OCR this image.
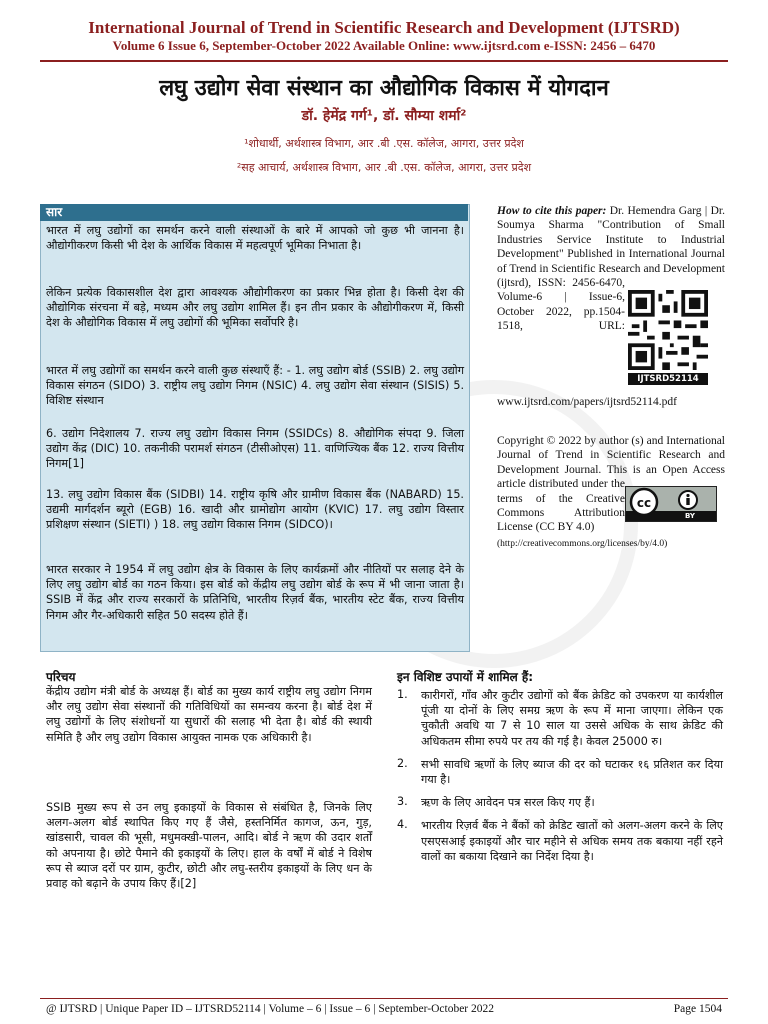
International Journal of Trend in Scientific Research and Development (IJTSRD)
Volume 6 Issue 6, September-October 2022 Available Online: www.ijtsrd.com e-ISSN: 2456 – 6470
लघु उद्योग सेवा संस्थान का औद्योगिक विकास में योगदान
डॉ. हेमेंद्र गर्ग¹, डॉ. सौम्या शर्मा²
¹शोधार्थी, अर्थशास्त्र विभाग, आर .बी .एस. कॉलेज, आगरा, उत्तर प्रदेश
²सह आचार्य, अर्थशास्त्र विभाग, आर .बी .एस. कॉलेज, आगरा, उत्तर प्रदेश
सार
भारत में लघु उद्योगों का समर्थन करने वाली संस्थाओं के बारे में आपको जो कुछ भी जानना है। औद्योगीकरण किसी भी देश के आर्थिक विकास में महत्वपूर्ण भूमिका निभाता है।
लेकिन प्रत्येक विकासशील देश द्वारा आवश्यक औद्योगीकरण का प्रकार भिन्न होता है। किसी देश की औद्योगिक संरचना में बड़े, मध्यम और लघु उद्योग शामिल हैं। इन तीन प्रकार के औद्योगीकरण में, किसी देश के औद्योगिक विकास में लघु उद्योगों की भूमिका सर्वोपरि है।
भारत में लघु उद्योगों का समर्थन करने वाली कुछ संस्थाएँ हैं: - 1. लघु उद्योग बोर्ड (SSIB) 2. लघु उद्योग विकास संगठन (SIDO) 3. राष्ट्रीय लघु उद्योग निगम (NSIC) 4. लघु उद्योग सेवा संस्थान (SISIS) 5. विशिष्ट संस्थान
6. उद्योग निदेशालय 7. राज्य लघु उद्योग विकास निगम (SSIDCs) 8. औद्योगिक संपदा 9. जिला उद्योग केंद्र (DIC) 10. तकनीकी परामर्श संगठन (टीसीओएस) 11. वाणिज्यिक बैंक 12. राज्य वित्तीय निगम[1]
13. लघु उद्योग विकास बैंक (SIDBI) 14. राष्ट्रीय कृषि और ग्रामीण विकास बैंक (NABARD) 15. उद्यमी मार्गदर्शन ब्यूरो (EGB) 16. खादी और ग्रामोद्योग आयोग (KVIC) 17. लघु उद्योग विस्तार प्रशिक्षण संस्थान (SIETI) ) 18. लघु उद्योग विकास निगम (SIDCO)।
भारत सरकार ने 1954 में लघु उद्योग क्षेत्र के विकास के लिए कार्यक्रमों और नीतियों पर सलाह देने के लिए लघु उद्योग बोर्ड का गठन किया। इस बोर्ड को केंद्रीय लघु उद्योग बोर्ड के रूप में भी जाना जाता है। SSIB में केंद्र और राज्य सरकारों के प्रतिनिधि, भारतीय रिज़र्व बैंक, भारतीय स्टेट बैंक, राज्य वित्तीय निगम और गैर-अधिकारी सहित 50 सदस्य होते हैं।
How to cite this paper: Dr. Hemendra Garg | Dr. Soumya Sharma "Contribution of Small Industries Service Institute to Industrial Development" Published in International Journal of Trend in Scientific Research and Development (ijtsrd), ISSN: 2456-6470, Volume-6 | Issue-6, October 2022, pp.1504-1518, URL: www.ijtsrd.com/papers/ijtsrd52114.pdf
IJTSRD52114
Copyright © 2022 by author (s) and International Journal of Trend in Scientific Research and Development Journal. This is an Open Access article distributed under the terms of the Creative Commons Attribution License (CC BY 4.0)
(http://creativecommons.org/licenses/by/4.0)
cc
BY
परिचय
केंद्रीय उद्योग मंत्री बोर्ड के अध्यक्ष हैं। बोर्ड का मुख्य कार्य राष्ट्रीय लघु उद्योग निगम और लघु उद्योग सेवा संस्थानों की गतिविधियों का समन्वय करना है। बोर्ड देश में लघु उद्योगों के लिए संशोधनों या सुधारों की सलाह भी देता है। बोर्ड की स्थायी समिति है और लघु उद्योग विकास आयुक्त नामक एक अधिकारी है।
SSIB मुख्य रूप से उन लघु इकाइयों के विकास से संबंधित है, जिनके लिए अलग-अलग बोर्ड स्थापित किए गए हैं जैसे, हस्तनिर्मित कागज, ऊन, गुड़, खांडसारी, चावल की भूसी, मधुमक्खी-पालन, आदि। बोर्ड ने ऋण की उदार शर्तों को अपनाया है। छोटे पैमाने की इकाइयों के लिए। हाल के वर्षों में बोर्ड ने विशेष रूप से ब्याज दरों पर ग्राम, कुटीर, छोटी और लघु-स्तरीय इकाइयों के लिए धन के प्रवाह को बढ़ाने के उपाय किए हैं।[2]
इन विशिष्ट उपायों में शामिल हैं:
1.	कारीगरों, गाँव और कुटीर उद्योगों को बैंक क्रेडिट को उपकरण या कार्यशील पूंजी या दोनों के लिए समग्र ऋण के रूप में माना जाएगा। लेकिन एक चुकौती अवधि या 7 से 10 साल या उससे अधिक के साथ क्रेडिट की अधिकतम सीमा रुपये पर तय की गई है। केवल 25000 रु।
2.	सभी सावधि ऋणों के लिए ब्याज की दर को घटाकर १६ प्रतिशत कर दिया गया है।
3.	ऋण के लिए आवेदन पत्र सरल किए गए हैं।
4.	भारतीय रिज़र्व बैंक ने बैंकों को क्रेडिट खातों को अलग-अलग करने के लिए एसएसआई इकाइयों और चार महीने से अधिक समय तक बकाया नहीं रहने वालों का बकाया दिखाने का निर्देश दिया है।
@ IJTSRD | Unique Paper ID – IJTSRD52114 | Volume – 6 | Issue – 6 | September-October 2022	Page 1504
